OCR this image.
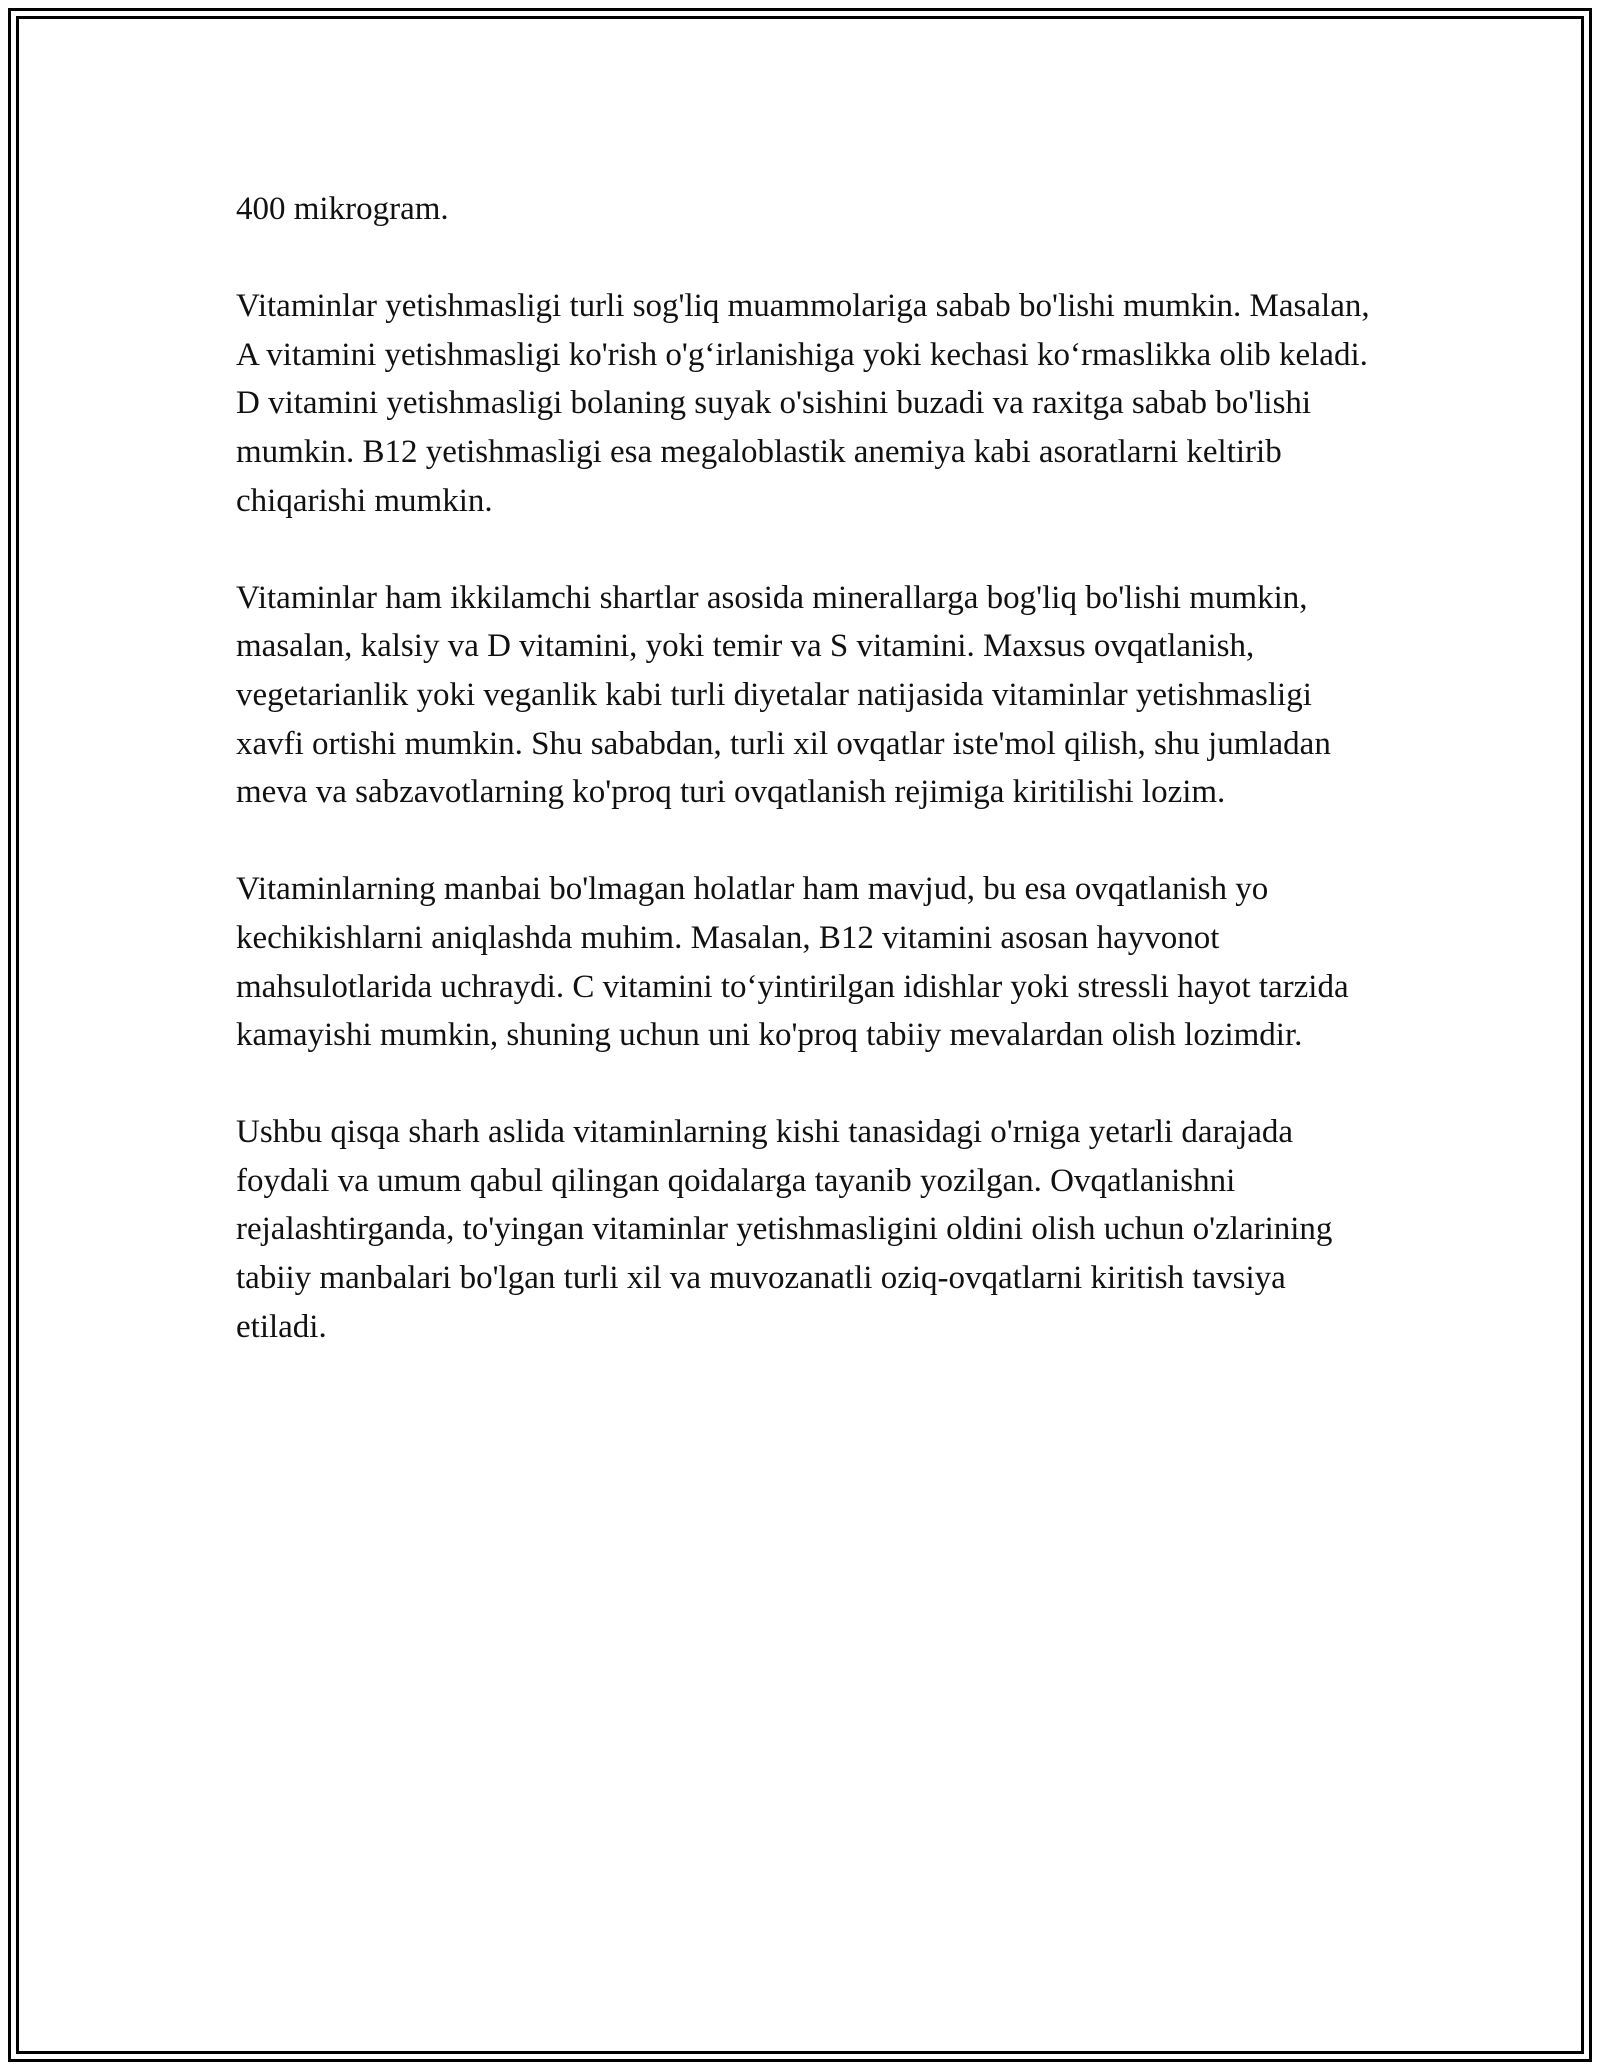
400 mikrogram.

Vitaminlar yetishmasligi turli sog'liq muammolariga sabab bo'lishi mumkin. Masalan, A vitamini yetishmasligi ko'rish o'g‘irlanishiga yoki kechasi ko‘rmaslikka olib keladi. D vitamini yetishmasligi bolaning suyak o'sishini buzadi va raxitga sabab bo'lishi mumkin. B12 yetishmasligi esa megaloblastik anemiya kabi asoratlarni keltirib chiqarishi mumkin.

Vitaminlar ham ikkilamchi shartlar asosida minerallarga bog'liq bo'lishi mumkin, masalan, kalsiy va D vitamini, yoki temir va S vitamini. Maxsus ovqatlanish, vegetarianlik yoki veganlik kabi turli diyetalar natijasida vitaminlar yetishmasligi xavfi ortishi mumkin. Shu sababdan, turli xil ovqatlar iste'mol qilish, shu jumladan meva va sabzavotlarning ko'proq turi ovqatlanish rejimiga kiritilishi lozim.

Vitaminlarning manbai bo'lmagan holatlar ham mavjud, bu esa ovqatlanish yo kechikishlarni aniqlashda muhim. Masalan, B12 vitamini asosan hayvonot mahsulotlarida uchraydi. C vitamini to‘yintirilgan idishlar yoki stressli hayot tarzida kamayishi mumkin, shuning uchun uni ko'proq tabiiy mevalardan olish lozimdir.

Ushbu qisqa sharh aslida vitaminlarning kishi tanasidagi o'rniga yetarli darajada foydali va umum qabul qilingan qoidalarga tayanib yozilgan. Ovqatlanishni rejalashtirganda, to'yingan vitaminlar yetishmasligini oldini olish uchun o'zlarining tabiiy manbalari bo'lgan turli xil va muvozanatli oziq-ovqatlarni kiritish tavsiya etiladi.
